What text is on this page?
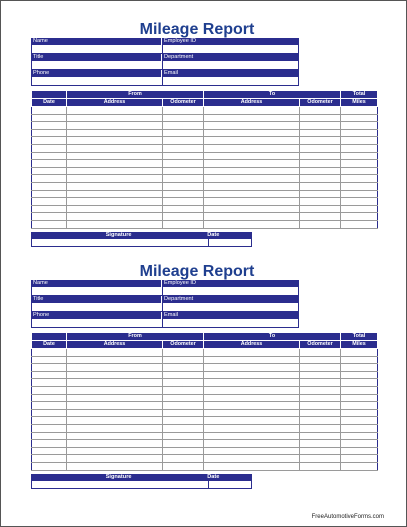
Mileage Report
Name	Employee ID
Title	Department
Phone	Email
	From		To		Total
Date	Address	Odometer	Address	Odometer	Miles

Signature	Date
Mileage Report
Name	Employee ID
Title	Department
Phone	Email
	From		To		Total
Date	Address	Odometer	Address	Odometer	Miles

Signature	Date
FreeAutomotiveForms.com
